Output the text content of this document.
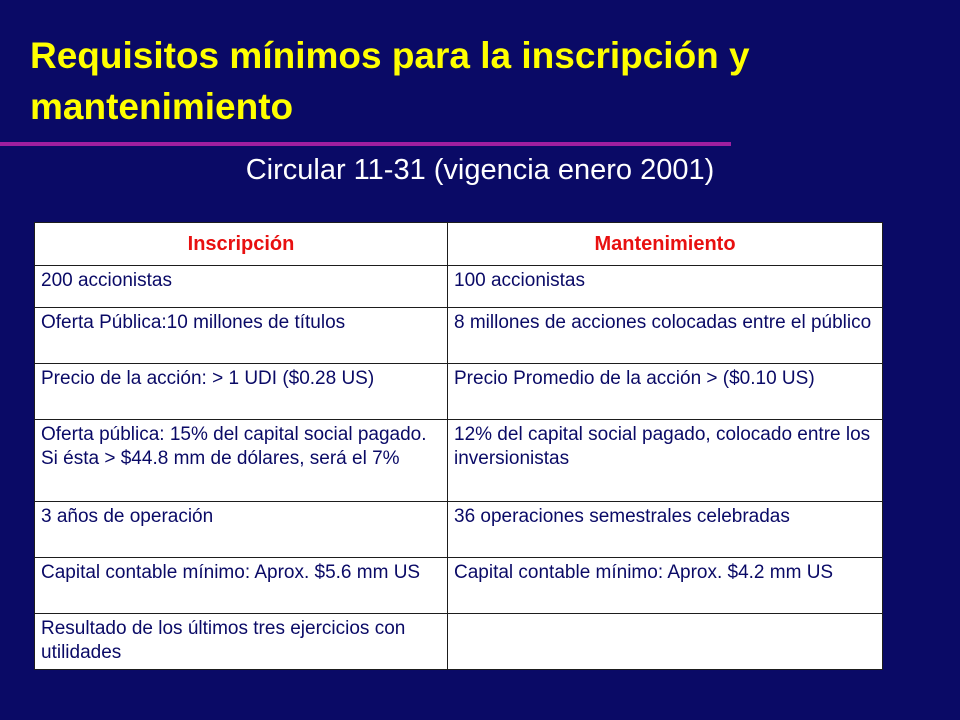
Requisitos mínimos para la inscripción y mantenimiento
Circular 11-31 (vigencia enero 2001)
Inscripción	Mantenimiento
200 accionistas	100 accionistas
Oferta Pública:10 millones de títulos	8 millones de acciones colocadas entre el público
Precio de la acción: > 1 UDI ($0.28 US)	Precio Promedio de la acción > ($0.10 US)
Oferta pública: 15% del capital social pagado. Si ésta > $44.8 mm de dólares, será el 7%	12% del capital social pagado, colocado entre los inversionistas
3 años de operación	36 operaciones semestrales celebradas
Capital contable mínimo: Aprox. $5.6 mm US	Capital contable mínimo: Aprox. $4.2 mm US
Resultado de los últimos tres ejercicios con utilidades	
